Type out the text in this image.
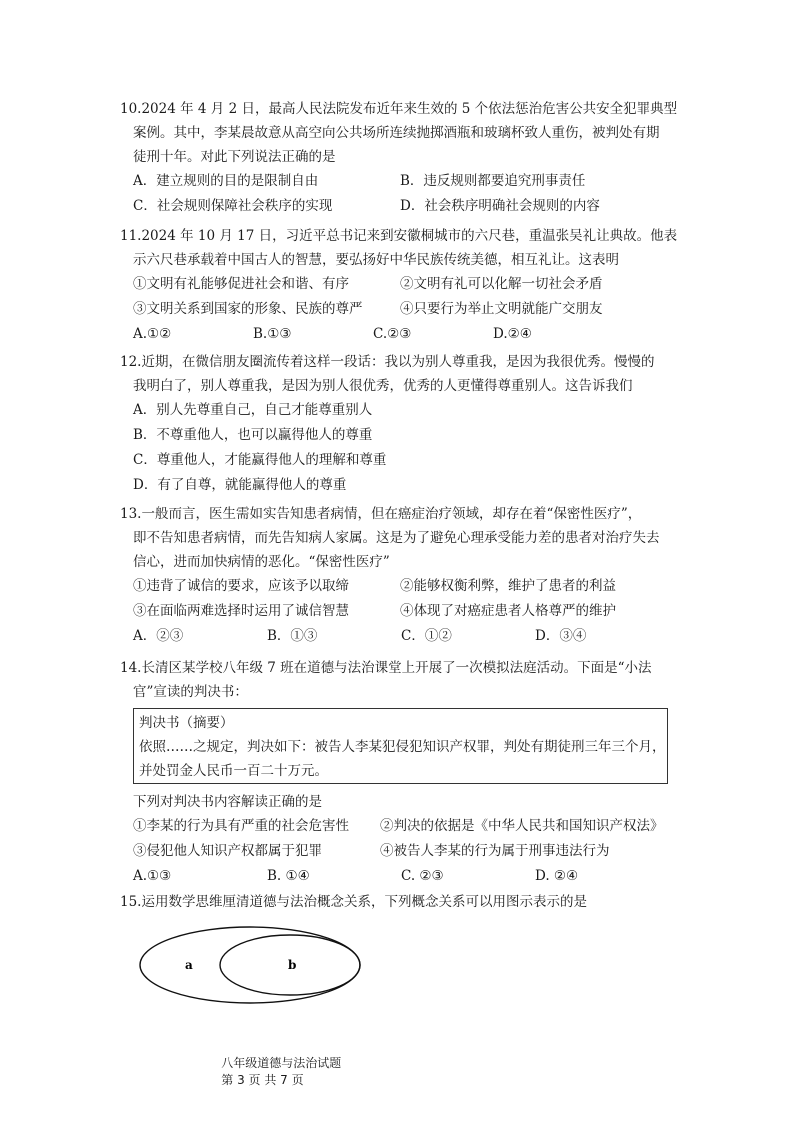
10.2024 年 4 月 2 日，最高人民法院发布近年来生效的 5 个依法惩治危害公共安全犯罪典型
案例。其中，李某晨故意从高空向公共场所连续抛掷酒瓶和玻璃杯致人重伤，被判处有期
徒刑十年。对此下列说法正确的是
A．建立规则的目的是限制自由	B．违反规则都要追究刑事责任
C．社会规则保障社会秩序的实现	D．社会秩序明确社会规则的内容
11.2024 年 10 月 17 日，习近平总书记来到安徽桐城市的六尺巷，重温张吴礼让典故。他表
示六尺巷承载着中国古人的智慧，要弘扬好中华民族传统美德，相互礼让。这表明
①文明有礼能够促进社会和谐、有序	②文明有礼可以化解一切社会矛盾
③文明关系到国家的形象、民族的尊严	④只要行为举止文明就能广交朋友
A.①②	B.①③	C.②③	D.②④
12.近期，在微信朋友圈流传着这样一段话：我以为别人尊重我，是因为我很优秀。慢慢的
我明白了，别人尊重我，是因为别人很优秀，优秀的人更懂得尊重别人。这告诉我们
A．别人先尊重自己，自己才能尊重别人
B．不尊重他人，也可以赢得他人的尊重
C．尊重他人，才能赢得他人的理解和尊重
D．有了自尊，就能赢得他人的尊重
13.一般而言，医生需如实告知患者病情，但在癌症治疗领域，却存在着“保密性医疗”，
即不告知患者病情，而先告知病人家属。这是为了避免心理承受能力差的患者对治疗失去
信心，进而加快病情的恶化。“保密性医疗”
①违背了诚信的要求，应该予以取缔	②能够权衡利弊，维护了患者的利益
③在面临两难选择时运用了诚信智慧	④体现了对癌症患者人格尊严的维护
A．②③	B．①③	C．①②	D．③④
14.长清区某学校八年级 7 班在道德与法治课堂上开展了一次模拟法庭活动。下面是“小法
官”宣读的判决书：
判决书（摘要）
依照……之规定，判决如下：被告人李某犯侵犯知识产权罪，判处有期徒刑三年三个月，
并处罚金人民币一百二十万元。
下列对判决书内容解读正确的是
①李某的行为具有严重的社会危害性	②判决的依据是《中华人民共和国知识产权法》
③侵犯他人知识产权都属于犯罪	④被告人李某的行为属于刑事违法行为
A.①③	B. ①④	C. ②③	D. ②④
15.运用数学思维厘清道德与法治概念关系，下列概念关系可以用图示表示的是
a	b

八年级道德与法治试题
第 3 页 共 7 页
